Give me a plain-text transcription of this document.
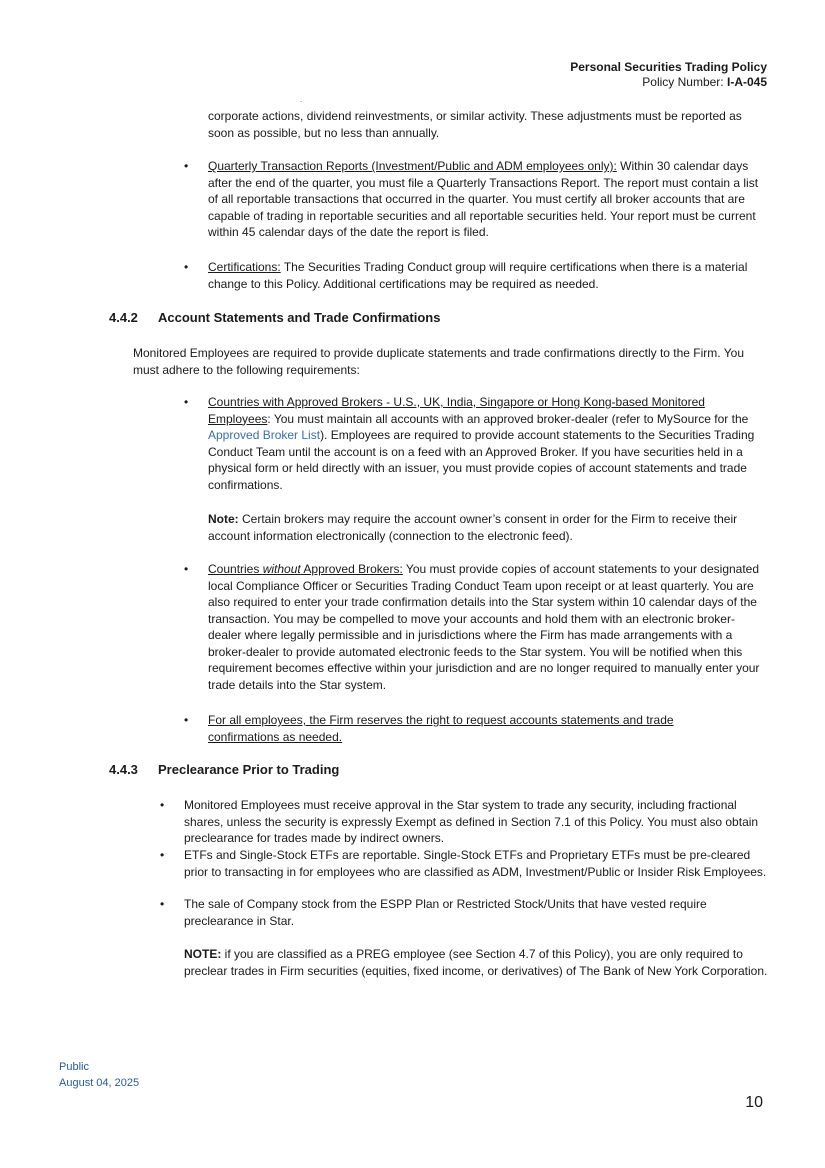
Personal Securities Trading Policy
Policy Number: I-A-045
.
corporate actions, dividend reinvestments, or similar activity. These adjustments must be reported as soon as possible, but no less than annually.
• Quarterly Transaction Reports (Investment/Public and ADM employees only): Within 30 calendar days after the end of the quarter, you must file a Quarterly Transactions Report. The report must contain a list of all reportable transactions that occurred in the quarter. You must certify all broker accounts that are capable of trading in reportable securities and all reportable securities held. Your report must be current within 45 calendar days of the date the report is filed.
• Certifications: The Securities Trading Conduct group will require certifications when there is a material change to this Policy. Additional certifications may be required as needed.
4.4.2 Account Statements and Trade Confirmations
Monitored Employees are required to provide duplicate statements and trade confirmations directly to the Firm. You must adhere to the following requirements:
• Countries with Approved Brokers - U.S., UK, India, Singapore or Hong Kong-based Monitored Employees: You must maintain all accounts with an approved broker-dealer (refer to MySource for the Approved Broker List). Employees are required to provide account statements to the Securities Trading Conduct Team until the account is on a feed with an Approved Broker. If you have securities held in a physical form or held directly with an issuer, you must provide copies of account statements and trade confirmations.
Note: Certain brokers may require the account owner’s consent in order for the Firm to receive their account information electronically (connection to the electronic feed).
• Countries without Approved Brokers: You must provide copies of account statements to your designated local Compliance Officer or Securities Trading Conduct Team upon receipt or at least quarterly. You are also required to enter your trade confirmation details into the Star system within 10 calendar days of the transaction. You may be compelled to move your accounts and hold them with an electronic broker-dealer where legally permissible and in jurisdictions where the Firm has made arrangements with a broker-dealer to provide automated electronic feeds to the Star system. You will be notified when this requirement becomes effective within your jurisdiction and are no longer required to manually enter your trade details into the Star system.
• For all employees, the Firm reserves the right to request accounts statements and trade confirmations as needed.
4.4.3 Preclearance Prior to Trading
• Monitored Employees must receive approval in the Star system to trade any security, including fractional shares, unless the security is expressly Exempt as defined in Section 7.1 of this Policy. You must also obtain preclearance for trades made by indirect owners.
• ETFs and Single-Stock ETFs are reportable. Single-Stock ETFs and Proprietary ETFs must be pre-cleared prior to transacting in for employees who are classified as ADM, Investment/Public or Insider Risk Employees.
• The sale of Company stock from the ESPP Plan or Restricted Stock/Units that have vested require preclearance in Star.
NOTE: if you are classified as a PREG employee (see Section 4.7 of this Policy), you are only required to preclear trades in Firm securities (equities, fixed income, or derivatives) of The Bank of New York Corporation.
Public
August 04, 2025
10
